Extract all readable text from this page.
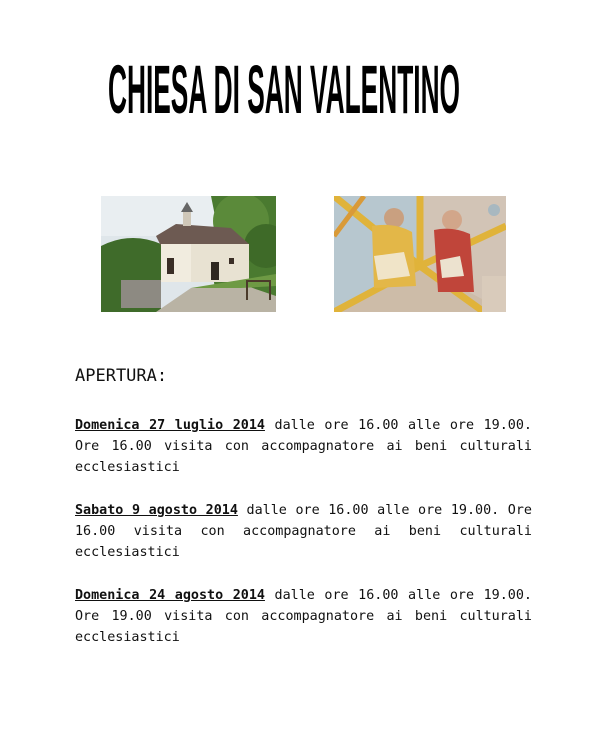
CHIESA DI SAN VALENTINO
APERTURA:
Domenica 27 luglio 2014 dalle ore 16.00 alle ore 19.00. Ore 16.00 visita con accompagnatore ai beni culturali ecclesiastici
Sabato 9 agosto 2014 dalle ore 16.00 alle ore 19.00. Ore 16.00 visita con accompagnatore ai beni culturali ecclesiastici
Domenica 24 agosto 2014 dalle ore 16.00 alle ore 19.00. Ore 19.00 visita con accompagnatore ai beni culturali ecclesiastici
